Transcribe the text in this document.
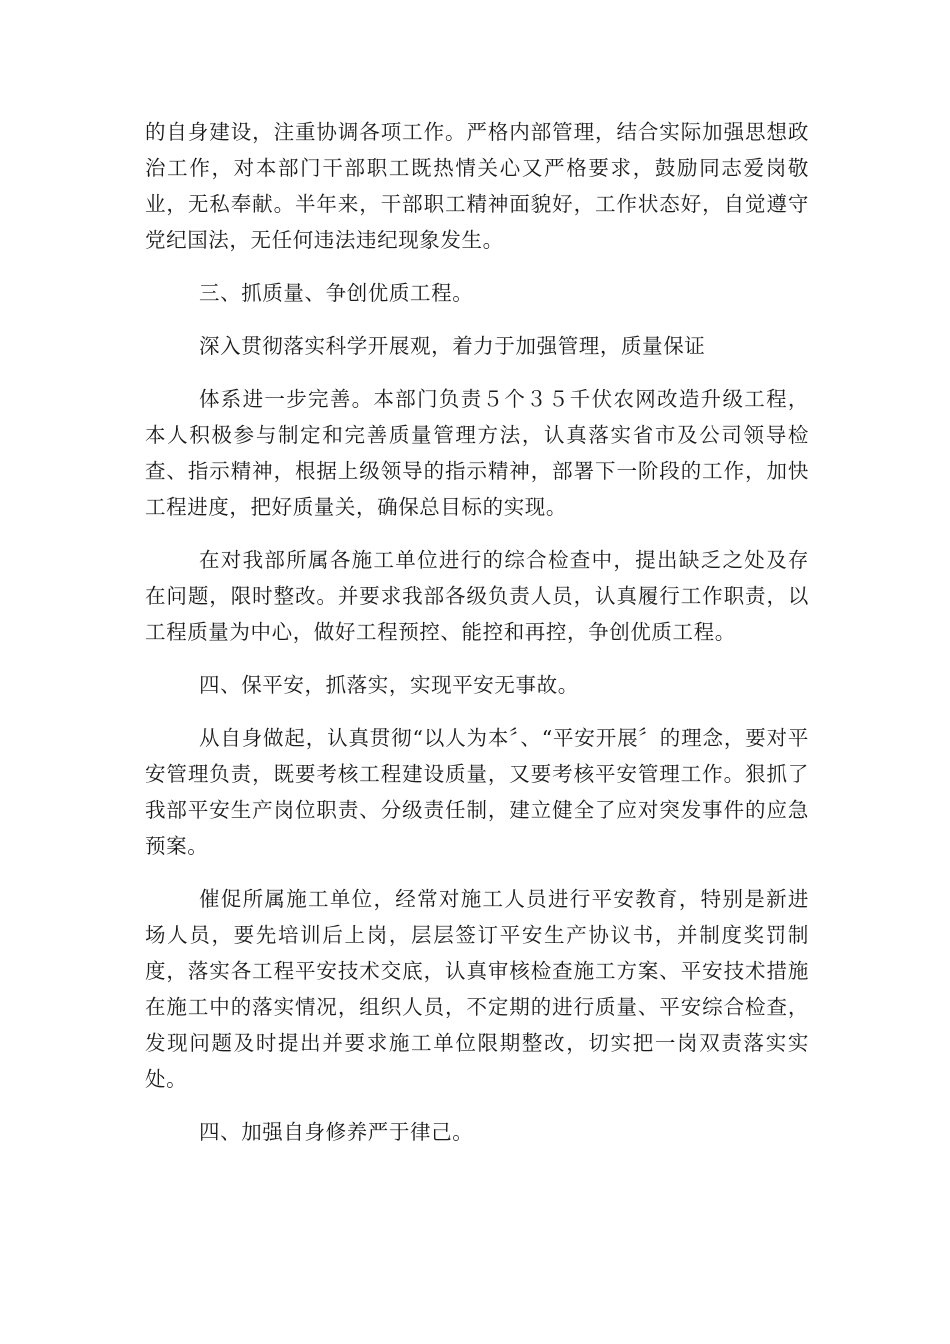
的自身建设，注重协调各项工作。严格内部管理，结合实际加强思想政治工作，对本部门干部职工既热情关心又严格要求，鼓励同志爱岗敬业，无私奉献。半年来，干部职工精神面貌好，工作状态好，自觉遵守党纪国法，无任何违法违纪现象发生。

三、抓质量、争创优质工程。

深入贯彻落实科学开展观，着力于加强管理，质量保证

体系进一步完善。本部门负责５个３５千伏农网改造升级工程，本人积极参与制定和完善质量管理方法，认真落实省市及公司领导检查、指示精神，根据上级领导的指示精神，部署下一阶段的工作，加快工程进度，把好质量关，确保总目标的实现。

在对我部所属各施工单位进行的综合检查中，提出缺乏之处及存在问题，限时整改。并要求我部各级负责人员，认真履行工作职责，以工程质量为中心，做好工程预控、能控和再控，争创优质工程。

四、保平安，抓落实，实现平安无事故。

从自身做起，认真贯彻“以人为本〞、“平安开展〞的理念，要对平安管理负责，既要考核工程建设质量，又要考核平安管理工作。狠抓了我部平安生产岗位职责、分级责任制，建立健全了应对突发事件的应急预案。

催促所属施工单位，经常对施工人员进行平安教育，特别是新进场人员，要先培训后上岗，层层签订平安生产协议书，并制度奖罚制度，落实各工程平安技术交底，认真审核检查施工方案、平安技术措施在施工中的落实情况，组织人员，不定期的进行质量、平安综合检查，发现问题及时提出并要求施工单位限期整改，切实把一岗双责落实实处。

四、加强自身修养严于律己。
